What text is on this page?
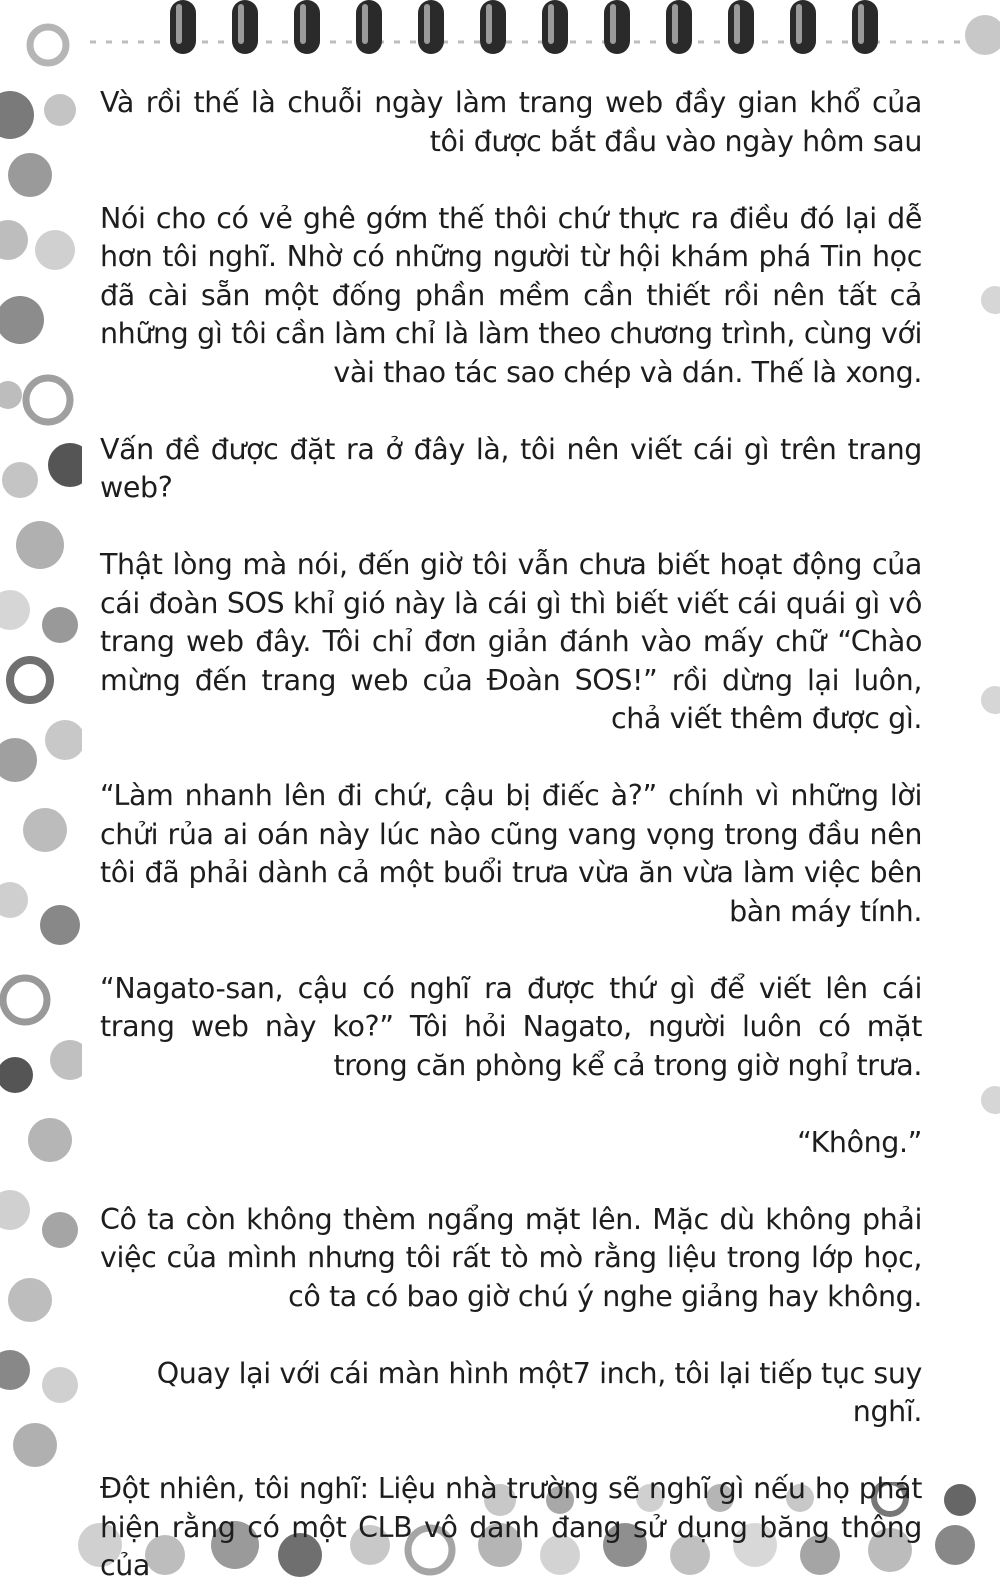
Và rồi thế là chuỗi ngày làm trang web đầy gian khổ của tôi được bắt đầu vào ngày hôm sau

Nói cho có vẻ ghê gớm thế thôi chứ thực ra điều đó lại dễ hơn tôi nghĩ. Nhờ có những người từ hội khám phá Tin học đã cài sẵn một đống phần mềm cần thiết rồi nên tất cả những gì tôi cần làm chỉ là làm theo chương trình, cùng với vài thao tác sao chép và dán. Thế là xong.

Vấn đề được đặt ra ở đây là, tôi nên viết cái gì trên trang web?

Thật lòng mà nói, đến giờ tôi vẫn chưa biết hoạt động của cái đoàn SOS khỉ gió này là cái gì thì biết viết cái quái gì vô trang web đây. Tôi chỉ đơn giản đánh vào mấy chữ “Chào mừng đến trang web của Đoàn SOS!” rồi dừng lại luôn, chả viết thêm được gì.

“Làm nhanh lên đi chứ, cậu bị điếc à?” chính vì những lời chửi rủa ai oán này lúc nào cũng vang vọng trong đầu nên tôi đã phải dành cả một buổi trưa vừa ăn vừa làm việc bên bàn máy tính.

“Nagato-san, cậu có nghĩ ra được thứ gì để viết lên cái trang web này ko?” Tôi hỏi Nagato, người luôn có mặt trong căn phòng kể cả trong giờ nghỉ trưa.

“Không.”

Cô ta còn không thèm ngẩng mặt lên. Mặc dù không phải việc của mình nhưng tôi rất tò mò rằng liệu trong lớp học, cô ta có bao giờ chú ý nghe giảng hay không.

Quay lại với cái màn hình một7 inch, tôi lại tiếp tục suy nghĩ.

Đột nhiên, tôi nghĩ: Liệu nhà trường sẽ nghĩ gì nếu họ phát hiện rằng có một CLB vô danh đang sử dụng băng thông của
